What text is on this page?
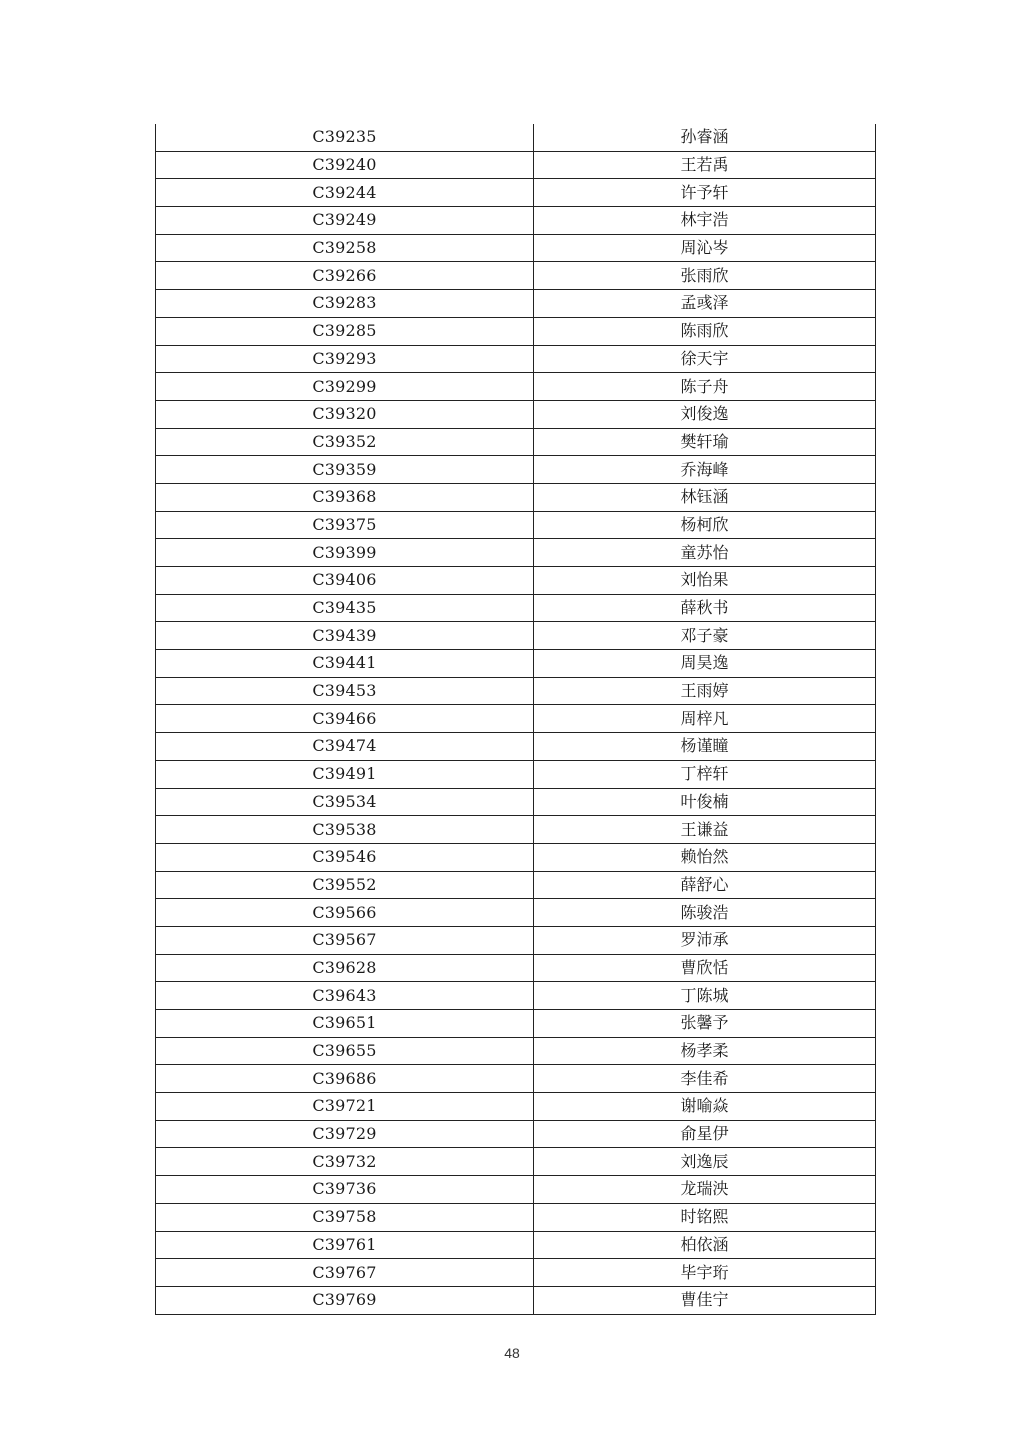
C39235	孙睿涵
C39240	王若禹
C39244	许予轩
C39249	林宇浩
C39258	周沁岑
C39266	张雨欣
C39283	孟彧泽
C39285	陈雨欣
C39293	徐天宇
C39299	陈子舟
C39320	刘俊逸
C39352	樊轩瑜
C39359	乔海峰
C39368	林钰涵
C39375	杨柯欣
C39399	童苏怡
C39406	刘怡果
C39435	薛秋书
C39439	邓子豪
C39441	周昊逸
C39453	王雨婷
C39466	周梓凡
C39474	杨谨瞳
C39491	丁梓轩
C39534	叶俊楠
C39538	王谦益
C39546	赖怡然
C39552	薛舒心
C39566	陈骏浩
C39567	罗沛承
C39628	曹欣恬
C39643	丁陈城
C39651	张馨予
C39655	杨孝柔
C39686	李佳希
C39721	谢喻焱
C39729	俞星伊
C39732	刘逸辰
C39736	龙瑞泱
C39758	时铭熙
C39761	柏依涵
C39767	毕宇珩
C39769	曹佳宁
48
